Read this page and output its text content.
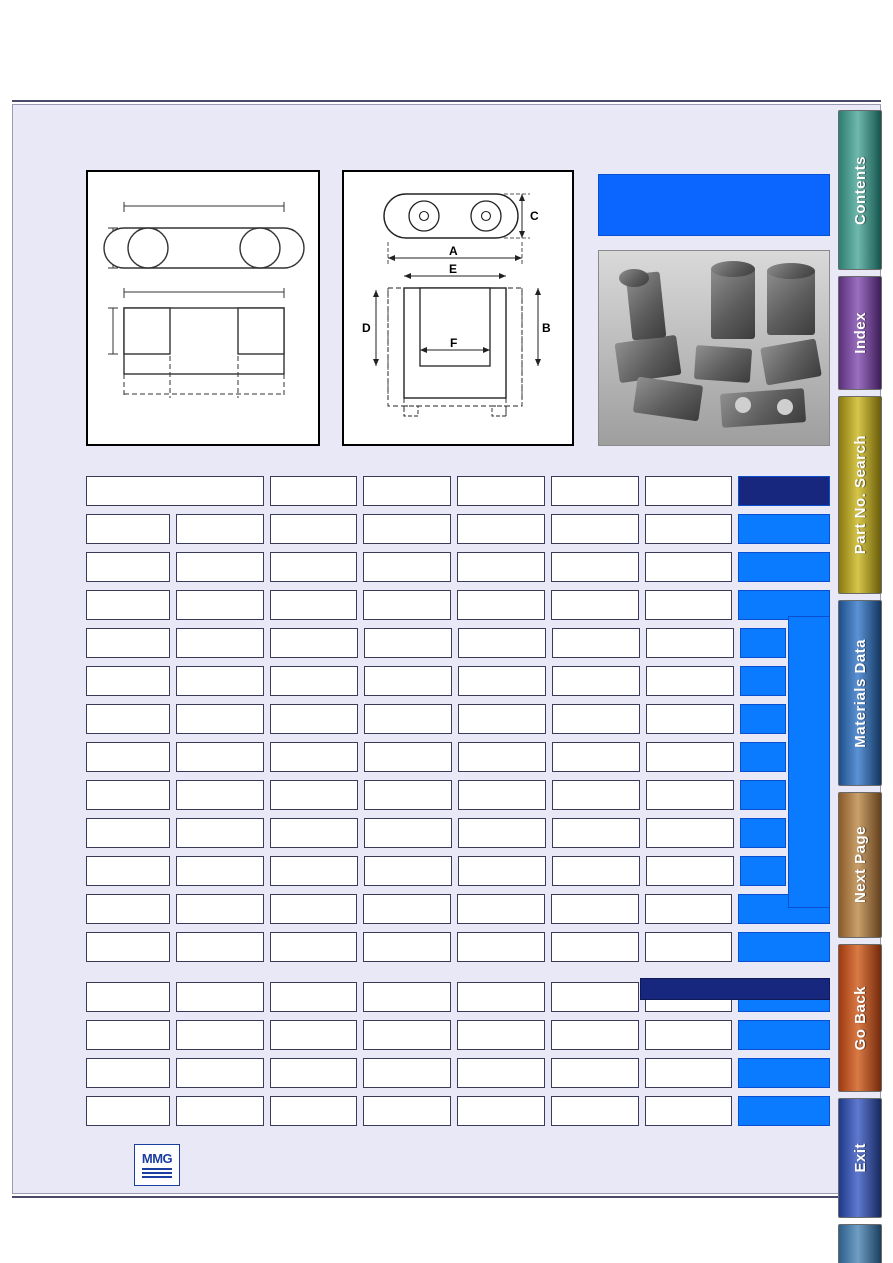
C
A
E
D	B
F
MMG
Contents
Index
Part No. Search
Materials Data
Next Page
Go Back
Exit
